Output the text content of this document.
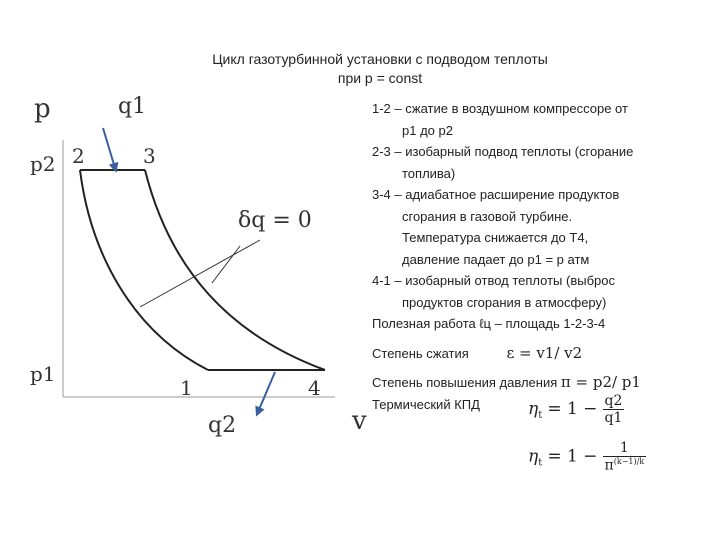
Цикл газотурбинной установки с подводом теплоты
при p = const
p	q1
p2 2	3
δq = 0
p1
1	4
q2	v

1-2 – сжатие в воздушном компрессоре от

p1 до p2

2-3 – изобарный подвод теплоты (сгорание

топлива)

3-4 – адиабатное расширение продуктов

сгорания в газовой турбине.

Температура снижается до T4,

давление падает до p1 = p атм

4-1 – изобарный отвод теплоты (выброс

продуктов сгорания в атмосферу)

Полезная работа ℓц – площадь 1-2-3-4

Степень сжатия	ε = v1/ v2

Степень повышения давления π = p2/ p1

Термический КПД	$\eta_t = 1 - \frac{q2}{q1}$
$\eta_t = 1 - \frac{1}{\pi^{(k-1)/k}}$
